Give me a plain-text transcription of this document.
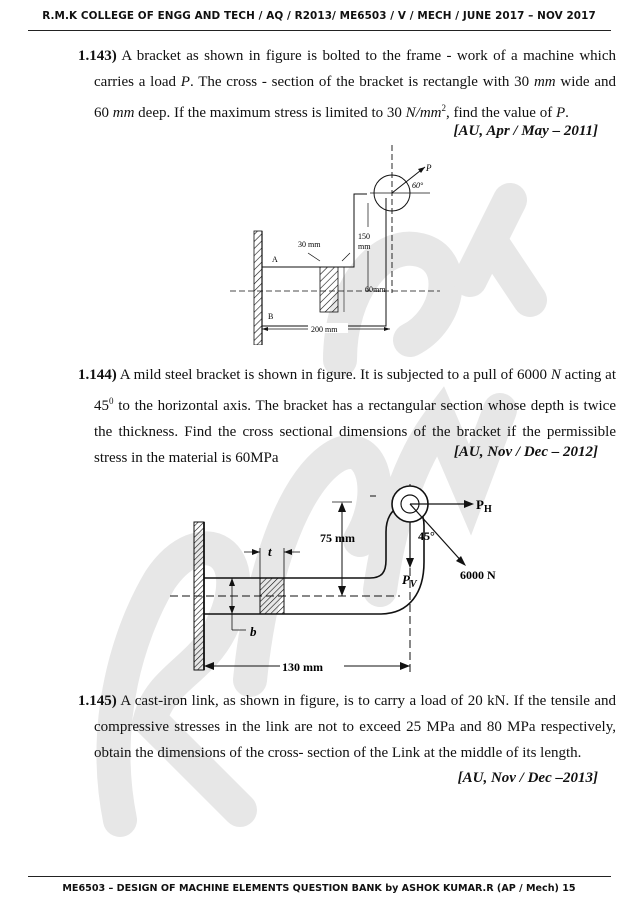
R.M.K COLLEGE OF ENGG AND TECH / AQ / R2013/ ME6503 / V / MECH / JUNE 2017 – NOV 2017
1.143) A bracket as shown in figure is bolted to the frame - work of a machine which carries a load P. The cross - section of the bracket is rectangle with 30 mm wide and 60 mm deep. If the maximum stress is limited to 30 $N/mm^2$, find the value of P.
[AU, Apr / May – 2011]
P
60°
30 mm
150
mm
60mm
A
B
200 mm
1.144) A mild steel bracket is shown in figure. It is subjected to a pull of 6000 N acting at $45^0$ to the horizontal axis. The bracket has a rectangular section whose depth is twice the thickness. Find the cross sectional dimensions of the bracket if the permissible stress in the material is 60MPa	[AU, Nov / Dec – 2012]
$P_H$
45°
6000 N
$P_V$
75 mm
t
b
130 mm
1.145) A cast-iron link, as shown in figure, is to carry a load of 20 kN. If the tensile and compressive stresses in the link are not to exceed 25 MPa and 80 MPa respectively, obtain the dimensions of the cross- section of the Link at the middle of its length.
[AU, Nov / Dec –2013]
ME6503 – DESIGN OF MACHINE ELEMENTS QUESTION BANK by ASHOK KUMAR.R (AP / Mech) 15
